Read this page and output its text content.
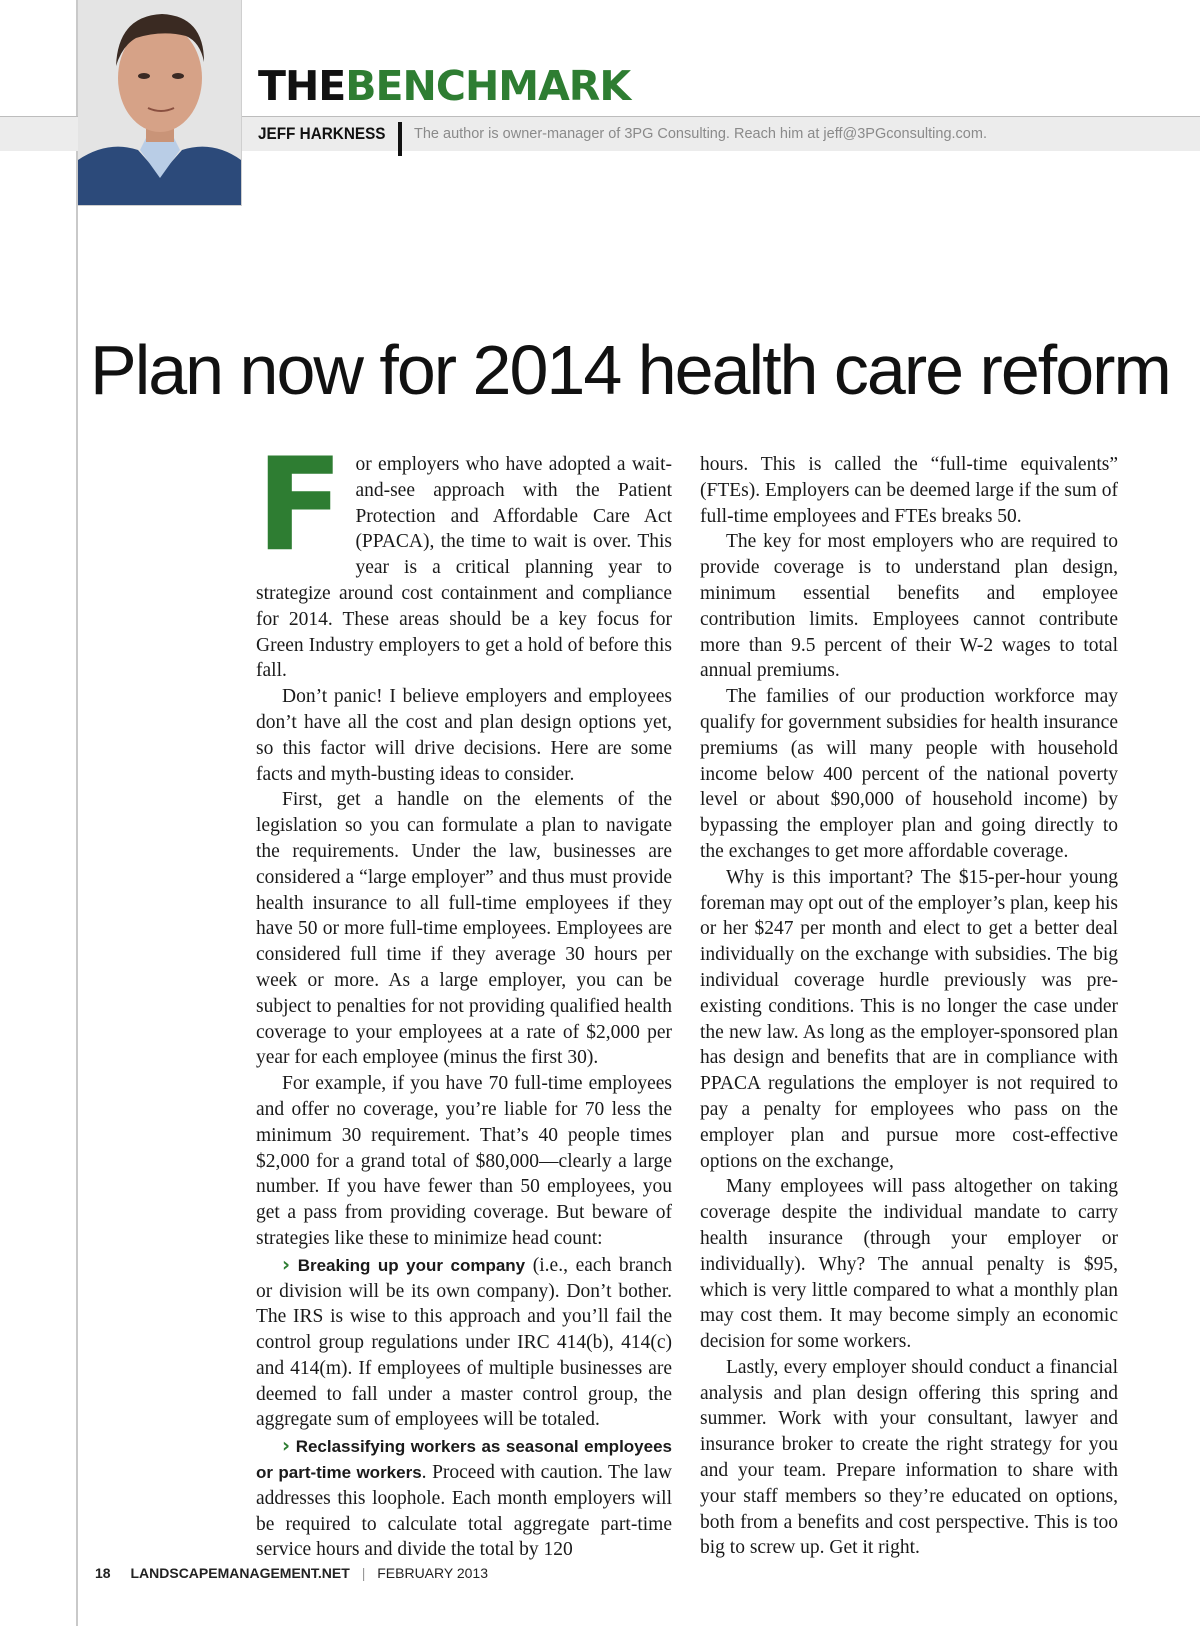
THEBENCHMARK
JEFF HARKNESS The author is owner-manager of 3PG Consulting. Reach him at jeff@3PGconsulting.com.
Plan now for 2014 health care reform

For employers who have adopted a wait-and-see approach with the Patient Protection and Affordable Care Act (PPACA), the time to wait is over. This year is a critical planning year to strategize around cost containment and compliance for 2014. These areas should be a key focus for Green Industry employers to get a hold of before this fall.

Don’t panic! I believe employers and employees don’t have all the cost and plan design options yet, so this factor will drive decisions. Here are some facts and myth-busting ideas to consider.

First, get a handle on the elements of the legislation so you can formulate a plan to navigate the requirements. Under the law, businesses are considered a “large employer” and thus must provide health insurance to all full-time employees if they have 50 or more full-time employees. Employees are considered full time if they average 30 hours per week or more. As a large employer, you can be subject to penalties for not providing qualified health coverage to your employees at a rate of $2,000 per year for each employee (minus the first 30).

For example, if you have 70 full-time employees and offer no coverage, you’re liable for 70 less the minimum 30 requirement. That’s 40 people times $2,000 for a grand total of $80,000—clearly a large number. If you have fewer than 50 employees, you get a pass from providing coverage. But beware of strategies like these to minimize head count:

› Breaking up your company (i.e., each branch or division will be its own company). Don’t bother. The IRS is wise to this approach and you’ll fail the control group regulations under IRC 414(b), 414(c) and 414(m). If employees of multiple businesses are deemed to fall under a master control group, the aggregate sum of employees will be totaled.

› Reclassifying workers as seasonal employees or part-time workers. Proceed with caution. The law addresses this loophole. Each month employers will be required to calculate total aggregate part-time service hours and divide the total by 120

hours. This is called the “full-time equivalents” (FTEs). Employers can be deemed large if the sum of full-time employees and FTEs breaks 50.

The key for most employers who are required to provide coverage is to understand plan design, minimum essential benefits and employee contribution limits. Employees cannot contribute more than 9.5 percent of their W-2 wages to total annual premiums.

The families of our production workforce may qualify for government subsidies for health insurance premiums (as will many people with household income below 400 percent of the national poverty level or about $90,000 of household income) by bypassing the employer plan and going directly to the exchanges to get more affordable coverage.

Why is this important? The $15-per-hour young foreman may opt out of the employer’s plan, keep his or her $247 per month and elect to get a better deal individually on the exchange with subsidies. The big individual coverage hurdle previously was pre-existing conditions. This is no longer the case under the new law. As long as the employer-sponsored plan has design and benefits that are in compliance with PPACA regulations the employer is not required to pay a penalty for employees who pass on the employer plan and pursue more cost-effective options on the exchange,

Many employees will pass altogether on taking coverage despite the individual mandate to carry health insurance (through your employer or individually). Why? The annual penalty is $95, which is very little compared to what a monthly plan may cost them. It may become simply an economic decision for some workers.

Lastly, every employer should conduct a financial analysis and plan design offering this spring and summer. Work with your consultant, lawyer and insurance broker to create the right strategy for you and your team. Prepare information to share with your staff members so they’re educated on options, both from a benefits and cost perspective. This is too big to screw up. Get it right.

18 LANDSCAPEMANAGEMENT.NET | FEBRUARY 2013
